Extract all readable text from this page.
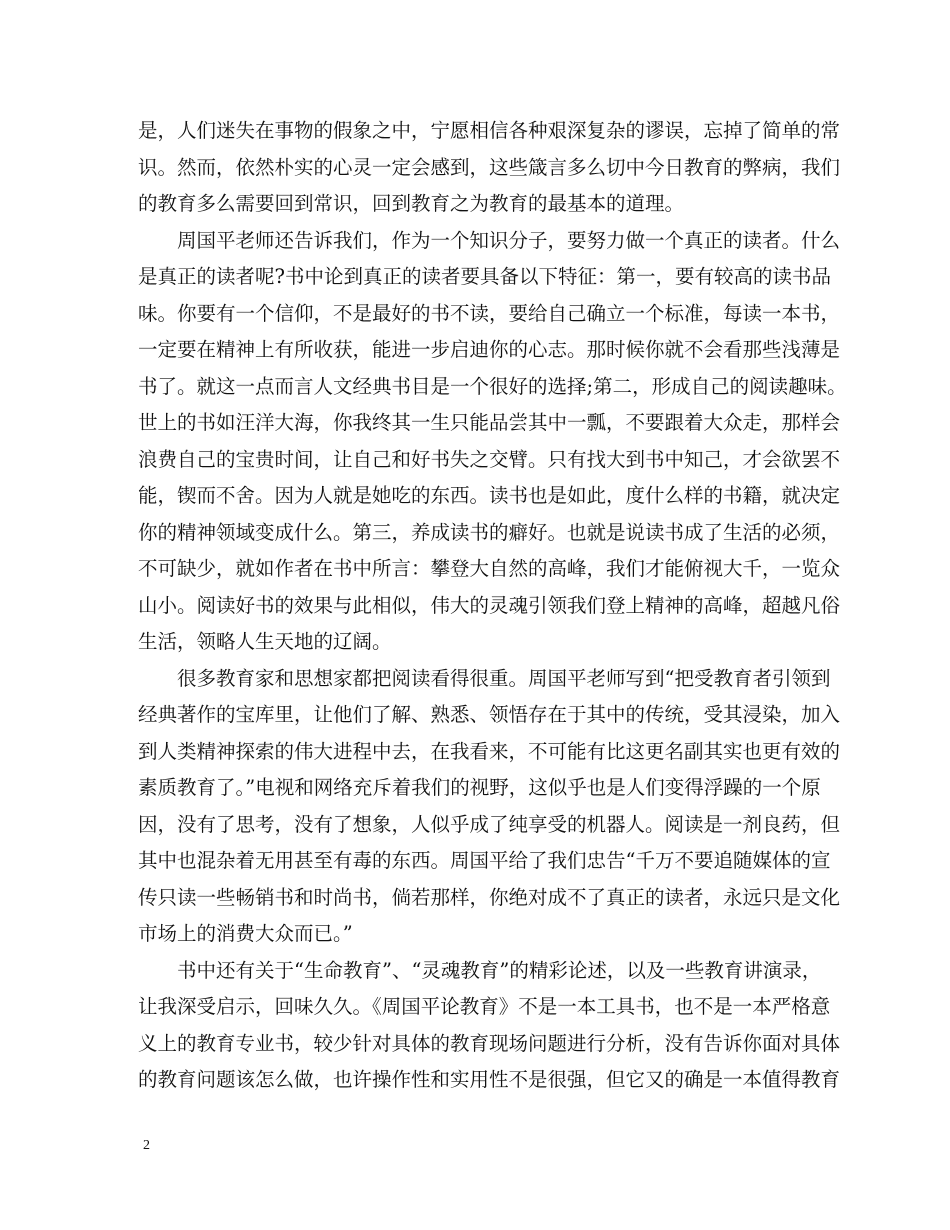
是，人们迷失在事物的假象之中，宁愿相信各种艰深复杂的谬误，忘掉了简单的常
识。然而，依然朴实的心灵一定会感到，这些箴言多么切中今日教育的弊病，我们
的教育多么需要回到常识，回到教育之为教育的最基本的道理。
　　周国平老师还告诉我们，作为一个知识分子，要努力做一个真正的读者。什么
是真正的读者呢?书中论到真正的读者要具备以下特征：第一，要有较高的读书品
味。你要有一个信仰，不是最好的书不读，要给自己确立一个标准，每读一本书，
一定要在精神上有所收获，能进一步启迪你的心志。那时候你就不会看那些浅薄是
书了。就这一点而言人文经典书目是一个很好的选择;第二，形成自己的阅读趣味。
世上的书如汪洋大海，你我终其一生只能品尝其中一瓢，不要跟着大众走，那样会
浪费自己的宝贵时间，让自己和好书失之交臂。只有找大到书中知己，才会欲罢不
能，锲而不舍。因为人就是她吃的东西。读书也是如此，度什么样的书籍，就决定
你的精神领域变成什么。第三，养成读书的癖好。也就是说读书成了生活的必须，
不可缺少，就如作者在书中所言：攀登大自然的高峰，我们才能俯视大千，一览众
山小。阅读好书的效果与此相似，伟大的灵魂引领我们登上精神的高峰，超越凡俗
生活，领略人生天地的辽阔。
　　很多教育家和思想家都把阅读看得很重。周国平老师写到“把受教育者引领到
经典著作的宝库里，让他们了解、熟悉、领悟存在于其中的传统，受其浸染，加入
到人类精神探索的伟大进程中去，在我看来，不可能有比这更名副其实也更有效的
素质教育了。”电视和网络充斥着我们的视野，这似乎也是人们变得浮躁的一个原
因，没有了思考，没有了想象，人似乎成了纯享受的机器人。阅读是一剂良药，但
其中也混杂着无用甚至有毒的东西。周国平给了我们忠告“千万不要追随媒体的宣
传只读一些畅销书和时尚书，倘若那样，你绝对成不了真正的读者，永远只是文化
市场上的消费大众而已。”
　　书中还有关于“生命教育”、“灵魂教育”的精彩论述，以及一些教育讲演录，
让我深受启示，回味久久。《周国平论教育》不是一本工具书，也不是一本严格意
义上的教育专业书，较少针对具体的教育现场问题进行分析，没有告诉你面对具体
的教育问题该怎么做，也许操作性和实用性不是很强，但它又的确是一本值得教育
2
